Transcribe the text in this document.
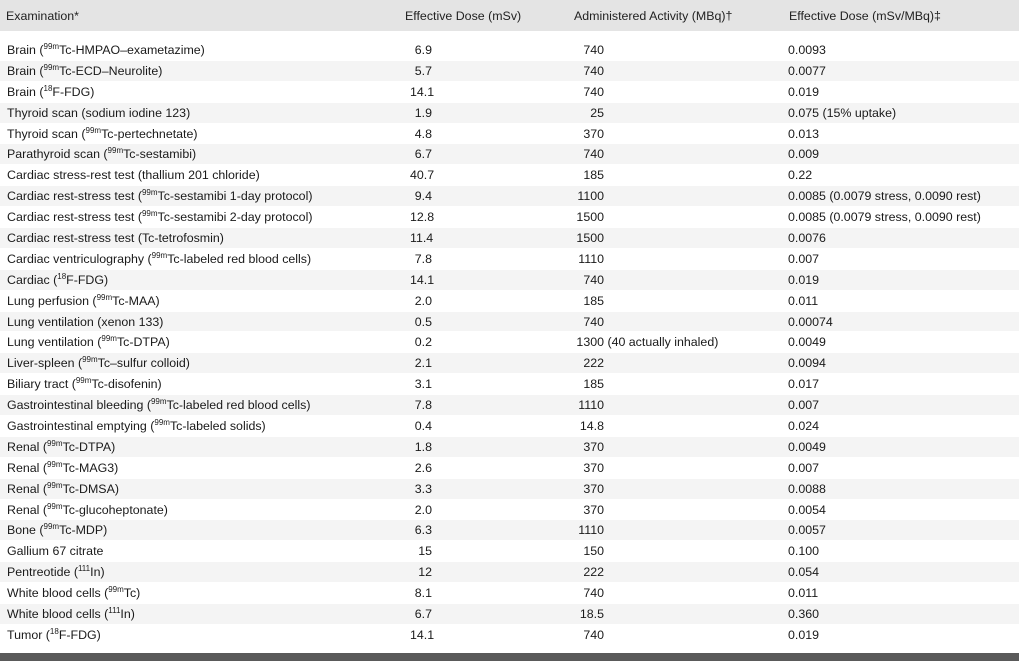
Examination*	Effective Dose (mSv)	Administered Activity (MBq)†	Effective Dose (mSv/MBq)‡

Brain ($^{99m}$Tc-HMPAO–exametazime)	6.9	740	0.0093
Brain ($^{99m}$Tc-ECD–Neurolite)	5.7	740	0.0077
Brain ($^{18}$F-FDG)	14.1	740	0.019
Thyroid scan (sodium iodine 123)	1.9	25	0.075 (15% uptake)
Thyroid scan ($^{99m}$Tc-pertechnetate)	4.8	370	0.013
Parathyroid scan ($^{99m}$Tc-sestamibi)	6.7	740	0.009
Cardiac stress-rest test (thallium 201 chloride)	40.7	185	0.22
Cardiac rest-stress test ($^{99m}$Tc-sestamibi 1-day protocol)	9.4	1100	0.0085 (0.0079 stress, 0.0090 rest)
Cardiac rest-stress test ($^{99m}$Tc-sestamibi 2-day protocol)	12.8	1500	0.0085 (0.0079 stress, 0.0090 rest)
Cardiac rest-stress test (Tc-tetrofosmin)	11.4	1500	0.0076
Cardiac ventriculography ($^{99m}$Tc-labeled red blood cells)	7.8	1110	0.007
Cardiac ($^{18}$F-FDG)	14.1	740	0.019
Lung perfusion ($^{99m}$Tc-MAA)	2.0	185	0.011
Lung ventilation (xenon 133)	0.5	740	0.00074
Lung ventilation ($^{99m}$Tc-DTPA)	0.2	1300 (40 actually inhaled)	0.0049
Liver-spleen ($^{99m}$Tc–sulfur colloid)	2.1	222	0.0094
Biliary tract ($^{99m}$Tc-disofenin)	3.1	185	0.017
Gastrointestinal bleeding ($^{99m}$Tc-labeled red blood cells)	7.8	1110	0.007
Gastrointestinal emptying ($^{99m}$Tc-labeled solids)	0.4	14.8	0.024
Renal ($^{99m}$Tc-DTPA)	1.8	370	0.0049
Renal ($^{99m}$Tc-MAG3)	2.6	370	0.007
Renal ($^{99m}$Tc-DMSA)	3.3	370	0.0088
Renal ($^{99m}$Tc-glucoheptonate)	2.0	370	0.0054
Bone ($^{99m}$Tc-MDP)	6.3	1110	0.0057
Gallium 67 citrate	15	150	0.100
Pentreotide ($^{111}$In)	12	222	0.054
White blood cells ($^{99m}$Tc)	8.1	740	0.011
White blood cells ($^{111}$In)	6.7	18.5	0.360
Tumor ($^{18}$F-FDG)	14.1	740	0.019
